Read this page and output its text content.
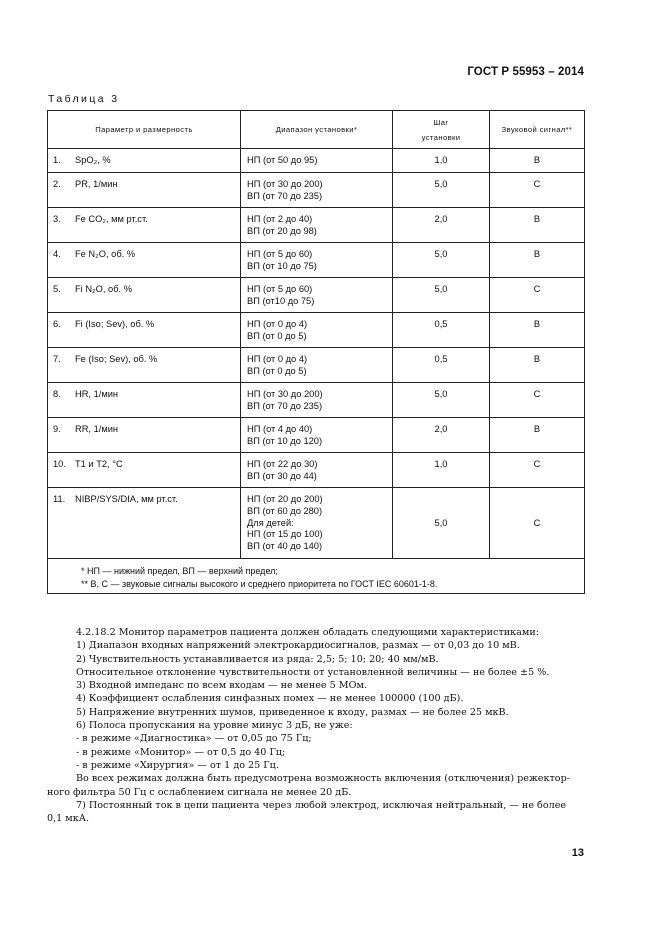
ГОСТ Р 55953 – 2014
Таблица 3
Параметр и размерность	Диапазон установки*	Шаг установки	Звуковой сигнал**
1. SpO₂, %	НП (от 50 до 95)	1,0	B
2. PR, 1/мин	НП (от 30 до 200)
ВП (от 70 до 235)	5,0	C
3. Fe CO₂, мм рт.ст.	НП (от 2 до 40)
ВП (от 20 до 98)	2,0	B
4. Fe N₂O, об. %	НП (от 5 до 60)
ВП (от 10 до 75)	5,0	B
5. Fi N₂O, об. %	НП (от 5 до 60)
ВП (от10 до 75)	5,0	C
6. Fi (Iso; Sev), об. %	НП (от 0 до 4)
ВП (от 0 до 5)	0,5	B
7. Fe (Iso; Sev), об. %	НП (от 0 до 4)
ВП (от 0 до 5)	0,5	B
8. HR, 1/мин	НП (от 30 до 200)
ВП (от 70 до 235)	5,0	C
9. RR, 1/мин	НП (от 4 до 40)
ВП (от 10 до 120)	2,0	B
10. T1 и T2, °C	НП (от 22 до 30)
ВП (от 30 до 44)	1,0	C
11. NIBP/SYS/DIA, мм рт.ст.	НП (от 20 до 200)
ВП (от 60 до 280)
Для детей:
НП (от 15 до 100)
ВП (от 40 до 140)	5,0	C

* НП — нижний предел, ВП — верхний предел;
** B, C — звуковые сигналы высокого и среднего приоритета по ГОСТ IEC 60601-1-8.			

4.2.18.2 Монитор параметров пациента должен обладать следующими характеристиками:

1) Диапазон входных напряжений электрокардиосигналов, размах — от 0,03 до 10 мВ.

2) Чувствительность устанавливается из ряда: 2,5; 5; 10; 20; 40 мм/мВ.

Относительное отклонение чувствительности от установленной величины — не более ±5 %.

3) Входной импеданс по всем входам — не менее 5 МОм.

4) Коэффициент ослабления синфазных помех — не менее 100000 (100 дБ).

5) Напряжение внутренних шумов, приведенное к входу, размах — не более 25 мкВ.

6) Полоса пропускания на уровне минус 3 дБ, не уже:

- в режиме «Диагностика» — от 0,05 до 75 Гц;

- в режиме «Монитор» — от 0,5 до 40 Гц;

- в режиме «Хирургия» — от 1 до 25 Гц.

Во всех режимах должна быть предусмотрена возможность включения (отключения) режектор-

ного фильтра 50 Гц с ослаблением сигнала не менее 20 дБ.

7) Постоянный ток в цепи пациента через любой электрод, исключая нейтральный, — не более

0,1 мкА.

13
